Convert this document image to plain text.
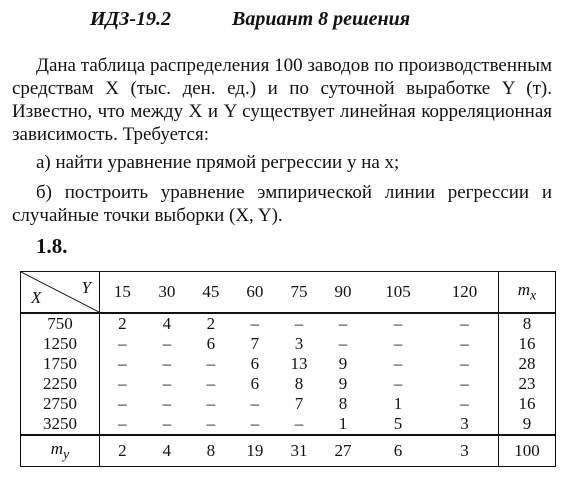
ИДЗ-19.2	Вариант 8 решения
Дана таблица распределения 100 заводов по производственным средствам X (тыс. ден. ед.) и по суточной выработке Y (т). Известно, что между X и Y существует линейная корреляционная зависимость. Требуется:
а) найти уравнение прямой регрессии y на x;
б) построить уравнение эмпирической линии регрессии и случайные точки выборки (X, Y).
1.8.
Y
X	15	30	45	60	75	90	105	120	$m_x$
750	2	4	2	–	–	–	–	–	8
1250	–	–	6	7	3	–	–	–	16
1750	–	–	–	6	13	9	–	–	28
2250	–	–	–	6	8	9	–	–	23
2750	–	–	–	–	7	8	1	–	16
3250	–	–	–	–	–	1	5	3	9
$m_y$	2	4	8	19	31	27	6	3	100
